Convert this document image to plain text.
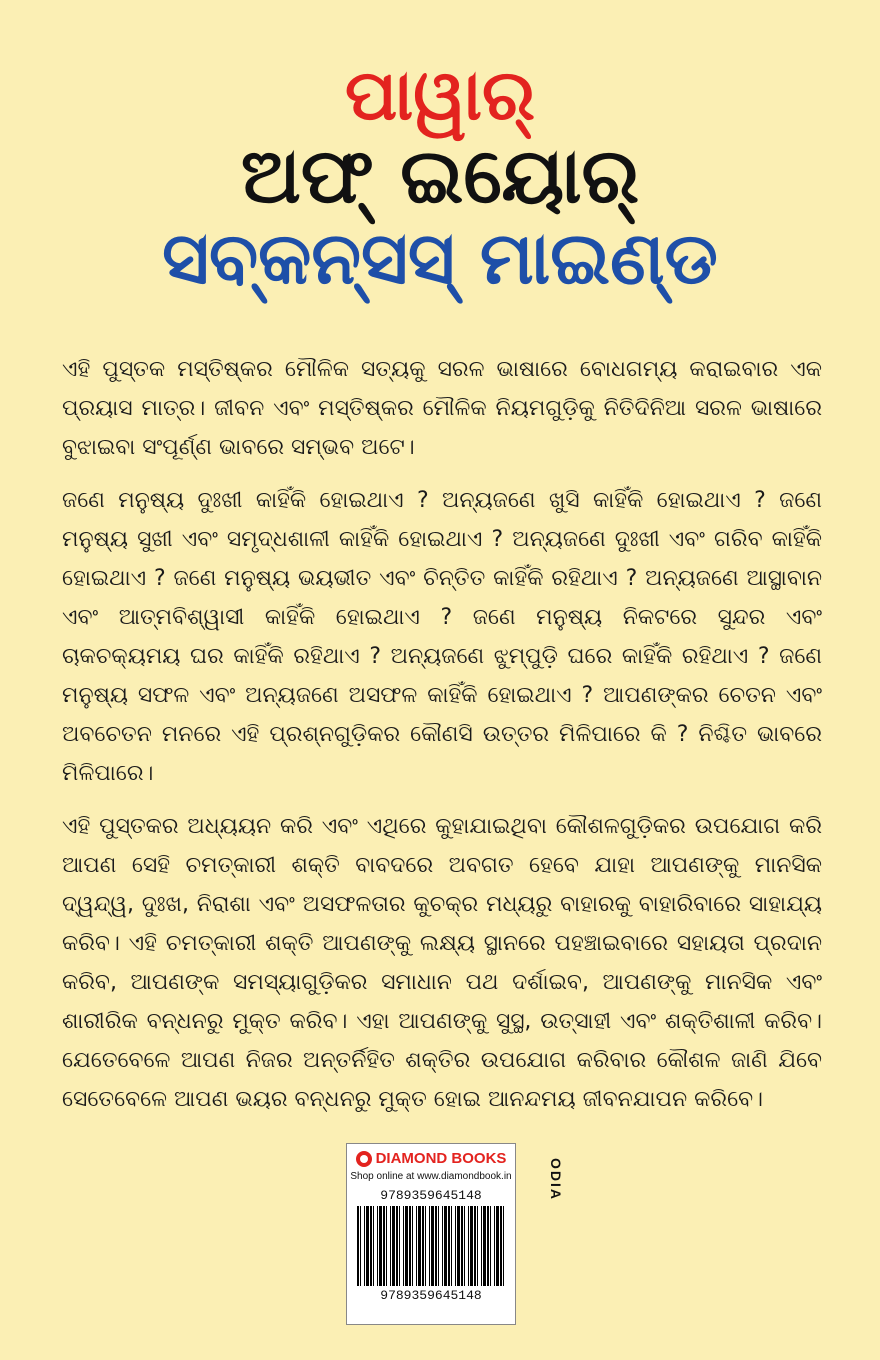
ପାୱାର୍
ଅଫ୍ ଇୟୋର୍
ସବ୍‌କନ୍‌ସସ୍ ମାଇଣ୍ଡ

ଏହି ପୁସ୍ତକ ମସ୍ତିଷ୍କର ମୌଳିକ ସତ୍ୟକୁ ସରଳ ଭାଷାରେ ବୋଧଗମ୍ୟ କରାଇବାର ଏକ ପ୍ରୟାସ ମାତ୍ର। ଜୀବନ ଏବଂ ମସ୍ତିଷ୍କର ମୌଳିକ ନିୟମଗୁଡ଼ିକୁ ନିତିଦିନିଆ ସରଳ ଭାଷାରେ ବୁଝାଇବା ସଂପୂର୍ଣ୍ଣ ଭାବରେ ସମ୍ଭବ ଅଟେ।

ଜଣେ ମନୁଷ୍ୟ ଦୁଃଖୀ କାହିଁକି ହୋଇଥାଏ ? ଅନ୍ୟଜଣେ ଖୁସି କାହିଁକି ହୋଇଥାଏ ? ଜଣେ ମନୁଷ୍ୟ ସୁଖୀ ଏବଂ ସମୃଦ୍ଧଶାଳୀ କାହିଁକି ହୋଇଥାଏ ? ଅନ୍ୟଜଣେ ଦୁଃଖୀ ଏବଂ ଗରିବ କାହିଁକି ହୋଇଥାଏ ? ଜଣେ ମନୁଷ୍ୟ ଭୟଭୀତ ଏବଂ ଚିନ୍ତିତ କାହିଁକି ରହିଥାଏ ? ଅନ୍ୟଜଣେ ଆସ୍ଥାବାନ ଏବଂ ଆତ୍ମବିଶ୍ୱାସୀ କାହିଁକି ହୋଇଥାଏ ? ଜଣେ ମନୁଷ୍ୟ ନିକଟରେ ସୁନ୍ଦର ଏବଂ ଚାକଚକ୍ୟମୟ ଘର କାହିଁକି ରହିଥାଏ ? ଅନ୍ୟଜଣେ ଝୁମ୍ପୁଡ଼ି ଘରେ କାହିଁକି ରହିଥାଏ ? ଜଣେ ମନୁଷ୍ୟ ସଫଳ ଏବଂ ଅନ୍ୟଜଣେ ଅସଫଳ କାହିଁକି ହୋଇଥାଏ ? ଆପଣଙ୍କର ଚେତନ ଏବଂ ଅବଚେତନ ମନରେ ଏହି ପ୍ରଶ୍ନଗୁଡ଼ିକର କୌଣସି ଉତ୍ତର ମିଳିପାରେ କି ? ନିଶ୍ଚିତ ଭାବରେ ମିଳିପାରେ।

ଏହି ପୁସ୍ତକର ଅଧ୍ୟୟନ କରି ଏବଂ ଏଥିରେ କୁହାଯାଇଥିବା କୌଶଳଗୁଡ଼ିକର ଉପଯୋଗ କରି ଆପଣ ସେହି ଚମତ୍କାରୀ ଶକ୍ତି ବାବଦରେ ଅବଗତ ହେବେ ଯାହା ଆପଣଙ୍କୁ ମାନସିକ ଦ୍ୱନ୍ଦ୍ୱ, ଦୁଃଖ, ନିରାଶା ଏବଂ ଅସଫଳତାର କୁଚକ୍ର ମଧ୍ୟରୁ ବାହାରକୁ ବାହାରିବାରେ ସାହାଯ୍ୟ କରିବ। ଏହି ଚମତ୍କାରୀ ଶକ୍ତି ଆପଣଙ୍କୁ ଲକ୍ଷ୍ୟ ସ୍ଥାନରେ ପହଞ୍ଚାଇବାରେ ସହାୟତା ପ୍ରଦାନ କରିବ, ଆପଣଙ୍କ ସମସ୍ୟାଗୁଡ଼ିକର ସମାଧାନ ପଥ ଦର୍ଶାଇବ, ଆପଣଙ୍କୁ ମାନସିକ ଏବଂ ଶାରୀରିକ ବନ୍ଧନରୁ ମୁକ୍ତ କରିବ। ଏହା ଆପଣଙ୍କୁ ସୁସ୍ଥ, ଉତ୍ସାହୀ ଏବଂ ଶକ୍ତିଶାଳୀ କରିବ। ଯେତେବେଳେ ଆପଣ ନିଜର ଅନ୍ତର୍ନିହିତ ଶକ୍ତିର ଉପଯୋଗ କରିବାର କୌଶଳ ଜାଣି ଯିବେ ସେତେବେଳେ ଆପଣ ଭୟର ବନ୍ଧନରୁ ମୁକ୍ତ ହୋଇ ଆନନ୍ଦମୟ ଜୀବନଯାପନ କରିବେ।

DIAMOND BOOKS
Shop online at www.diamondbook.in
9789359645148
9789359645148
ODIA
